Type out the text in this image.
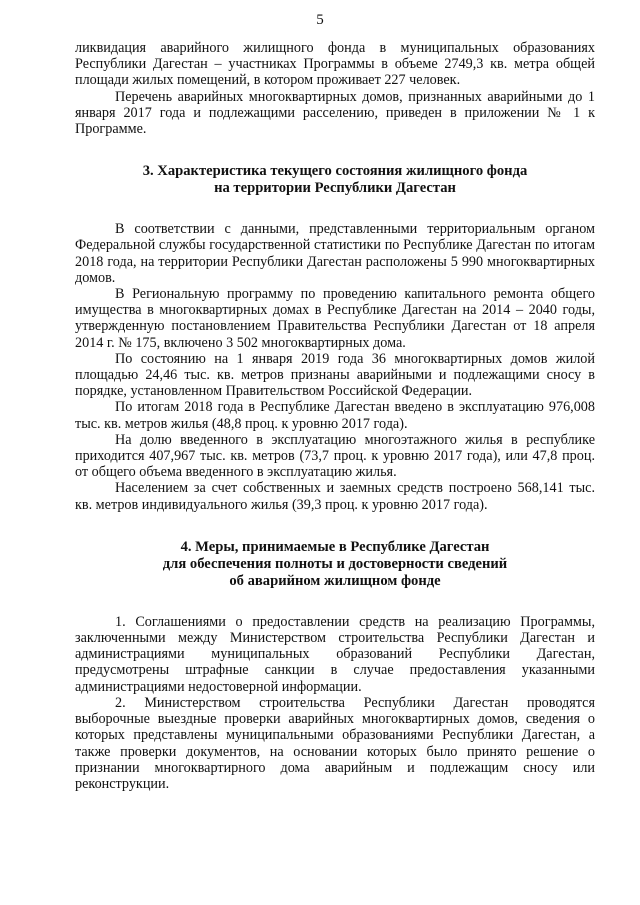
5

ликвидация аварийного жилищного фонда в муниципальных образованиях Республики Дагестан – участниках Программы в объеме 2749,3 кв. метра общей площади жилых помещений, в котором проживает 227 человек.

Перечень аварийных многоквартирных домов, признанных аварийными до 1 января 2017 года и подлежащими расселению, приведен в приложении № 1 к Программе.

3. Характеристика текущего состояния жилищного фонда
на территории Республики Дагестан

В соответствии с данными, представленными территориальным органом Федеральной службы государственной статистики по Республике Дагестан по итогам 2018 года, на территории Республики Дагестан расположены 5 990 многоквартирных домов.

В Региональную программу по проведению капитального ремонта общего имущества в многоквартирных домах в Республике Дагестан на 2014 – 2040 годы, утвержденную постановлением Правительства Республики Дагестан от 18 апреля 2014 г. № 175, включено 3 502 многоквартирных дома.

По состоянию на 1 января 2019 года 36 многоквартирных домов жилой площадью 24,46 тыс. кв. метров признаны аварийными и подлежащими сносу в порядке, установленном Правительством Российской Федерации.

По итогам 2018 года в Республике Дагестан введено в эксплуатацию 976,008 тыс. кв. метров жилья (48,8 проц. к уровню 2017 года).

На долю введенного в эксплуатацию многоэтажного жилья в республике приходится 407,967 тыс. кв. метров (73,7 проц. к уровню 2017 года), или 47,8 проц. от общего объема введенного в эксплуатацию жилья.

Населением за счет собственных и заемных средств построено 568,141 тыс. кв. метров индивидуального жилья (39,3 проц. к уровню 2017 года).

4. Меры, принимаемые в Республике Дагестан
для обеспечения полноты и достоверности сведений
об аварийном жилищном фонде

1. Соглашениями о предоставлении средств на реализацию Программы, заключенными между Министерством строительства Республики Дагестан и администрациями муниципальных образований Республики Дагестан, предусмотрены штрафные санкции в случае предоставления указанными администрациями недостоверной информации.

2. Министерством строительства Республики Дагестан проводятся выборочные выездные проверки аварийных многоквартирных домов, сведения о которых представлены муниципальными образованиями Республики Дагестан, а также проверки документов, на основании которых было принято решение о признании многоквартирного дома аварийным и подлежащим сносу или реконструкции.
